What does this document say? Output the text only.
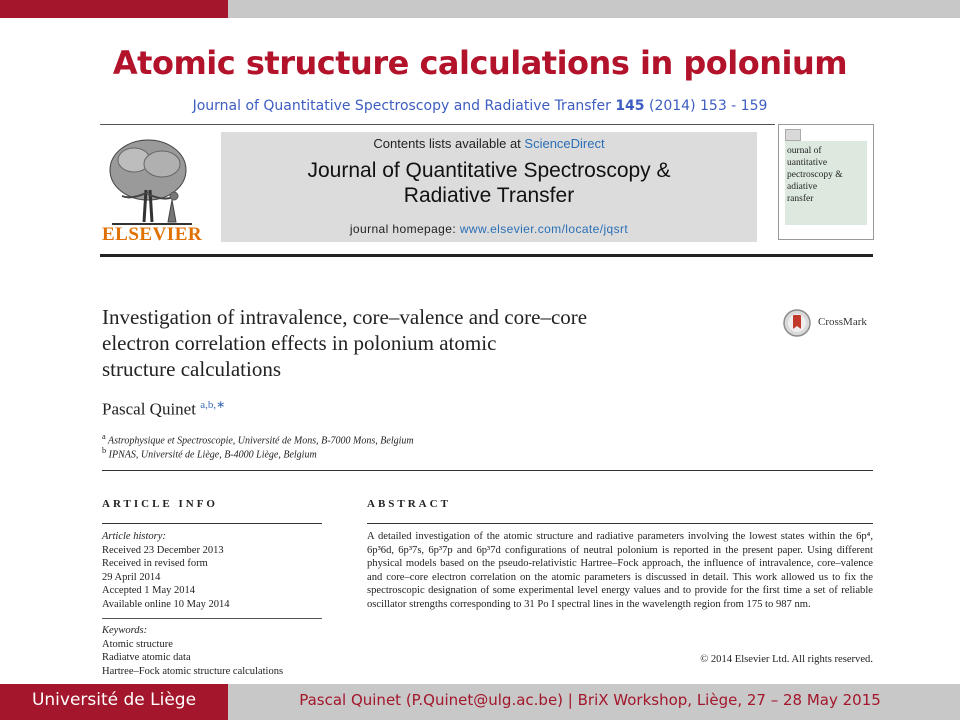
Atomic structure calculations in polonium
Journal of Quantitative Spectroscopy and Radiative Transfer 145 (2014) 153 - 159
ELSEVIER
Contents lists available at ScienceDirect
Journal of Quantitative Spectroscopy &
Radiative Transfer
journal homepage: www.elsevier.com/locate/jqsrt
ournal of
uantitative
pectroscopy &
adiative
ransfer
Investigation of intravalence, core–valence and core–core
electron correlation effects in polonium atomic
structure calculations
CrossMark
Pascal Quinet $^{a,b,∗}$
$^a$ Astrophysique et Spectroscopie, Université de Mons, B-7000 Mons, Belgium
$^b$ IPNAS, Université de Liège, B-4000 Liège, Belgium
ARTICLE INFO	ABSTRACT
Article history:
Received 23 December 2013
Received in revised form
29 April 2014
Accepted 1 May 2014
Available online 10 May 2014
Keywords:
Atomic structure
Radiatve atomic data
Hartree–Fock atomic structure calculations
A detailed investigation of the atomic structure and radiative parameters involving the lowest states within the 6p⁴, 6p³6d, 6p³7s, 6p³7p and 6p³7d configurations of neutral polonium is reported in the present paper. Using different physical models based on the pseudo-relativistic Hartree–Fock approach, the influence of intravalence, core–valence and core–core electron correlation on the atomic parameters is discussed in detail. This work allowed us to fix the spectroscopic designation of some experimental level energy values and to provide for the first time a set of reliable oscillator strengths corresponding to 31 Po I spectral lines in the wavelength region from 175 to 987 nm.
© 2014 Elsevier Ltd. All rights reserved.
Université de Liège	Pascal Quinet (P.Quinet@ulg.ac.be) | BriX Workshop, Liège, 27 – 28 May 2015
